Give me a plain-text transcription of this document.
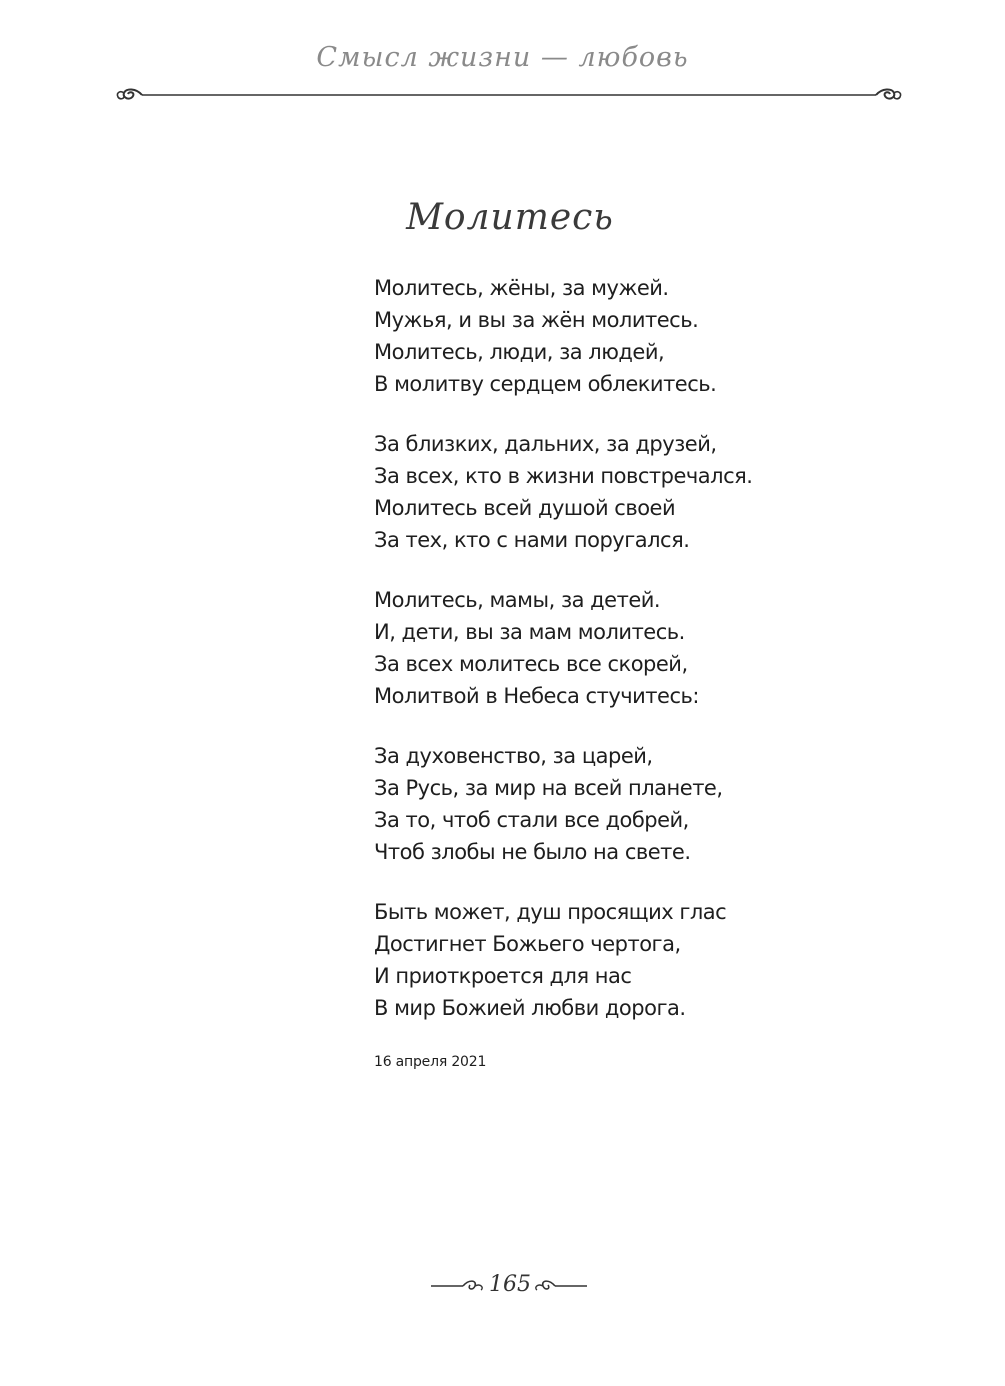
Смысл жизни — любовь
Молитесь
Молитесь, жёны, за мужей.
Мужья, и вы за жён молитесь.
Молитесь, люди, за людей,
В молитву сердцем облекитесь.
За близких, дальних, за друзей,
За всех, кто в жизни повстречался.
Молитесь всей душой своей
За тех, кто с нами поругался.
Молитесь, мамы, за детей.
И, дети, вы за мам молитесь.
За всех молитесь все скорей,
Молитвой в Небеса стучитесь:
За духовенство, за царей,
За Русь, за мир на всей планете,
За то, чтоб стали все добрей,
Чтоб злобы не было на свете.
Быть может, душ просящих глас
Достигнет Божьего чертога,
И приоткроется для нас
В мир Божией любви дорога.
16 апреля 2021
165
